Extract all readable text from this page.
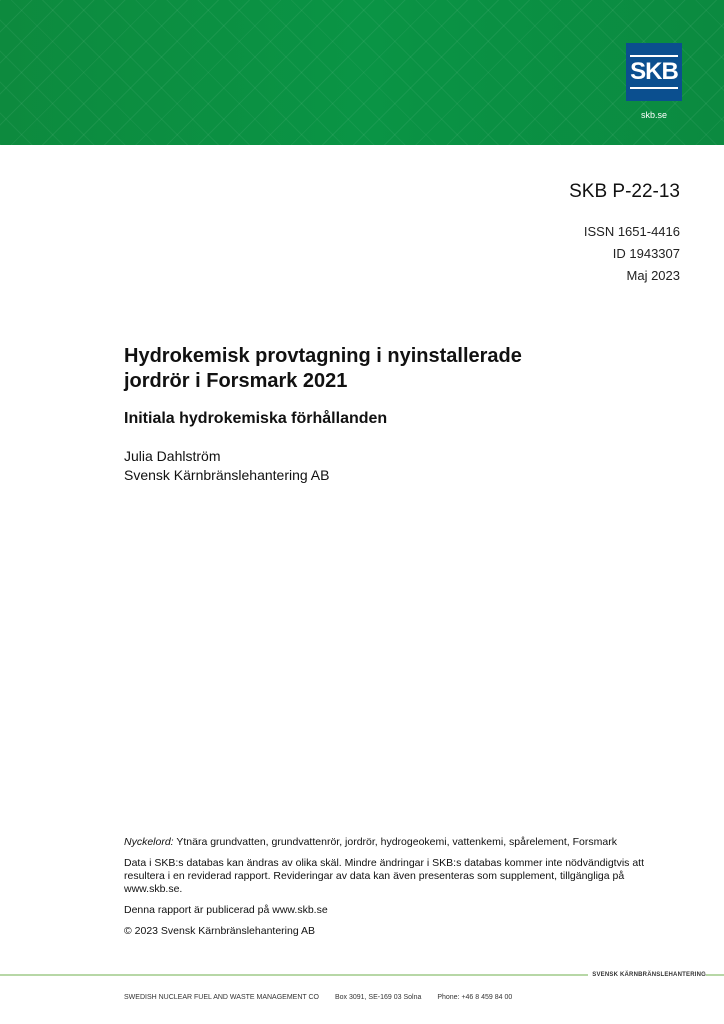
SKB
skb.se
SKB P-22-13
ISSN 1651-4416
ID 1943307
Maj 2023
Hydrokemisk provtagning i nyinstallerade
jordrör i Forsmark 2021
Initiala hydrokemiska förhållanden
Julia Dahlström
Svensk Kärnbränslehantering AB

Nyckelord: Ytnära grundvatten, grundvattenrör, jordrör, hydrogeokemi, vattenkemi, spårelement, Forsmark

Data i SKB:s databas kan ändras av olika skäl. Mindre ändringar i SKB:s databas kommer inte nödvändigtvis att resultera i en reviderad rapport. Revideringar av data kan även presenteras som supplement, tillgängliga på www.skb.se.

Denna rapport är publicerad på www.skb.se

© 2023 Svensk Kärnbränslehantering AB

SVENSK KÄRNBRÄNSLEHANTERING
SWEDISH NUCLEAR FUEL AND WASTE MANAGEMENT CO Box 3091, SE-169 03 Solna Phone: +46 8 459 84 00
